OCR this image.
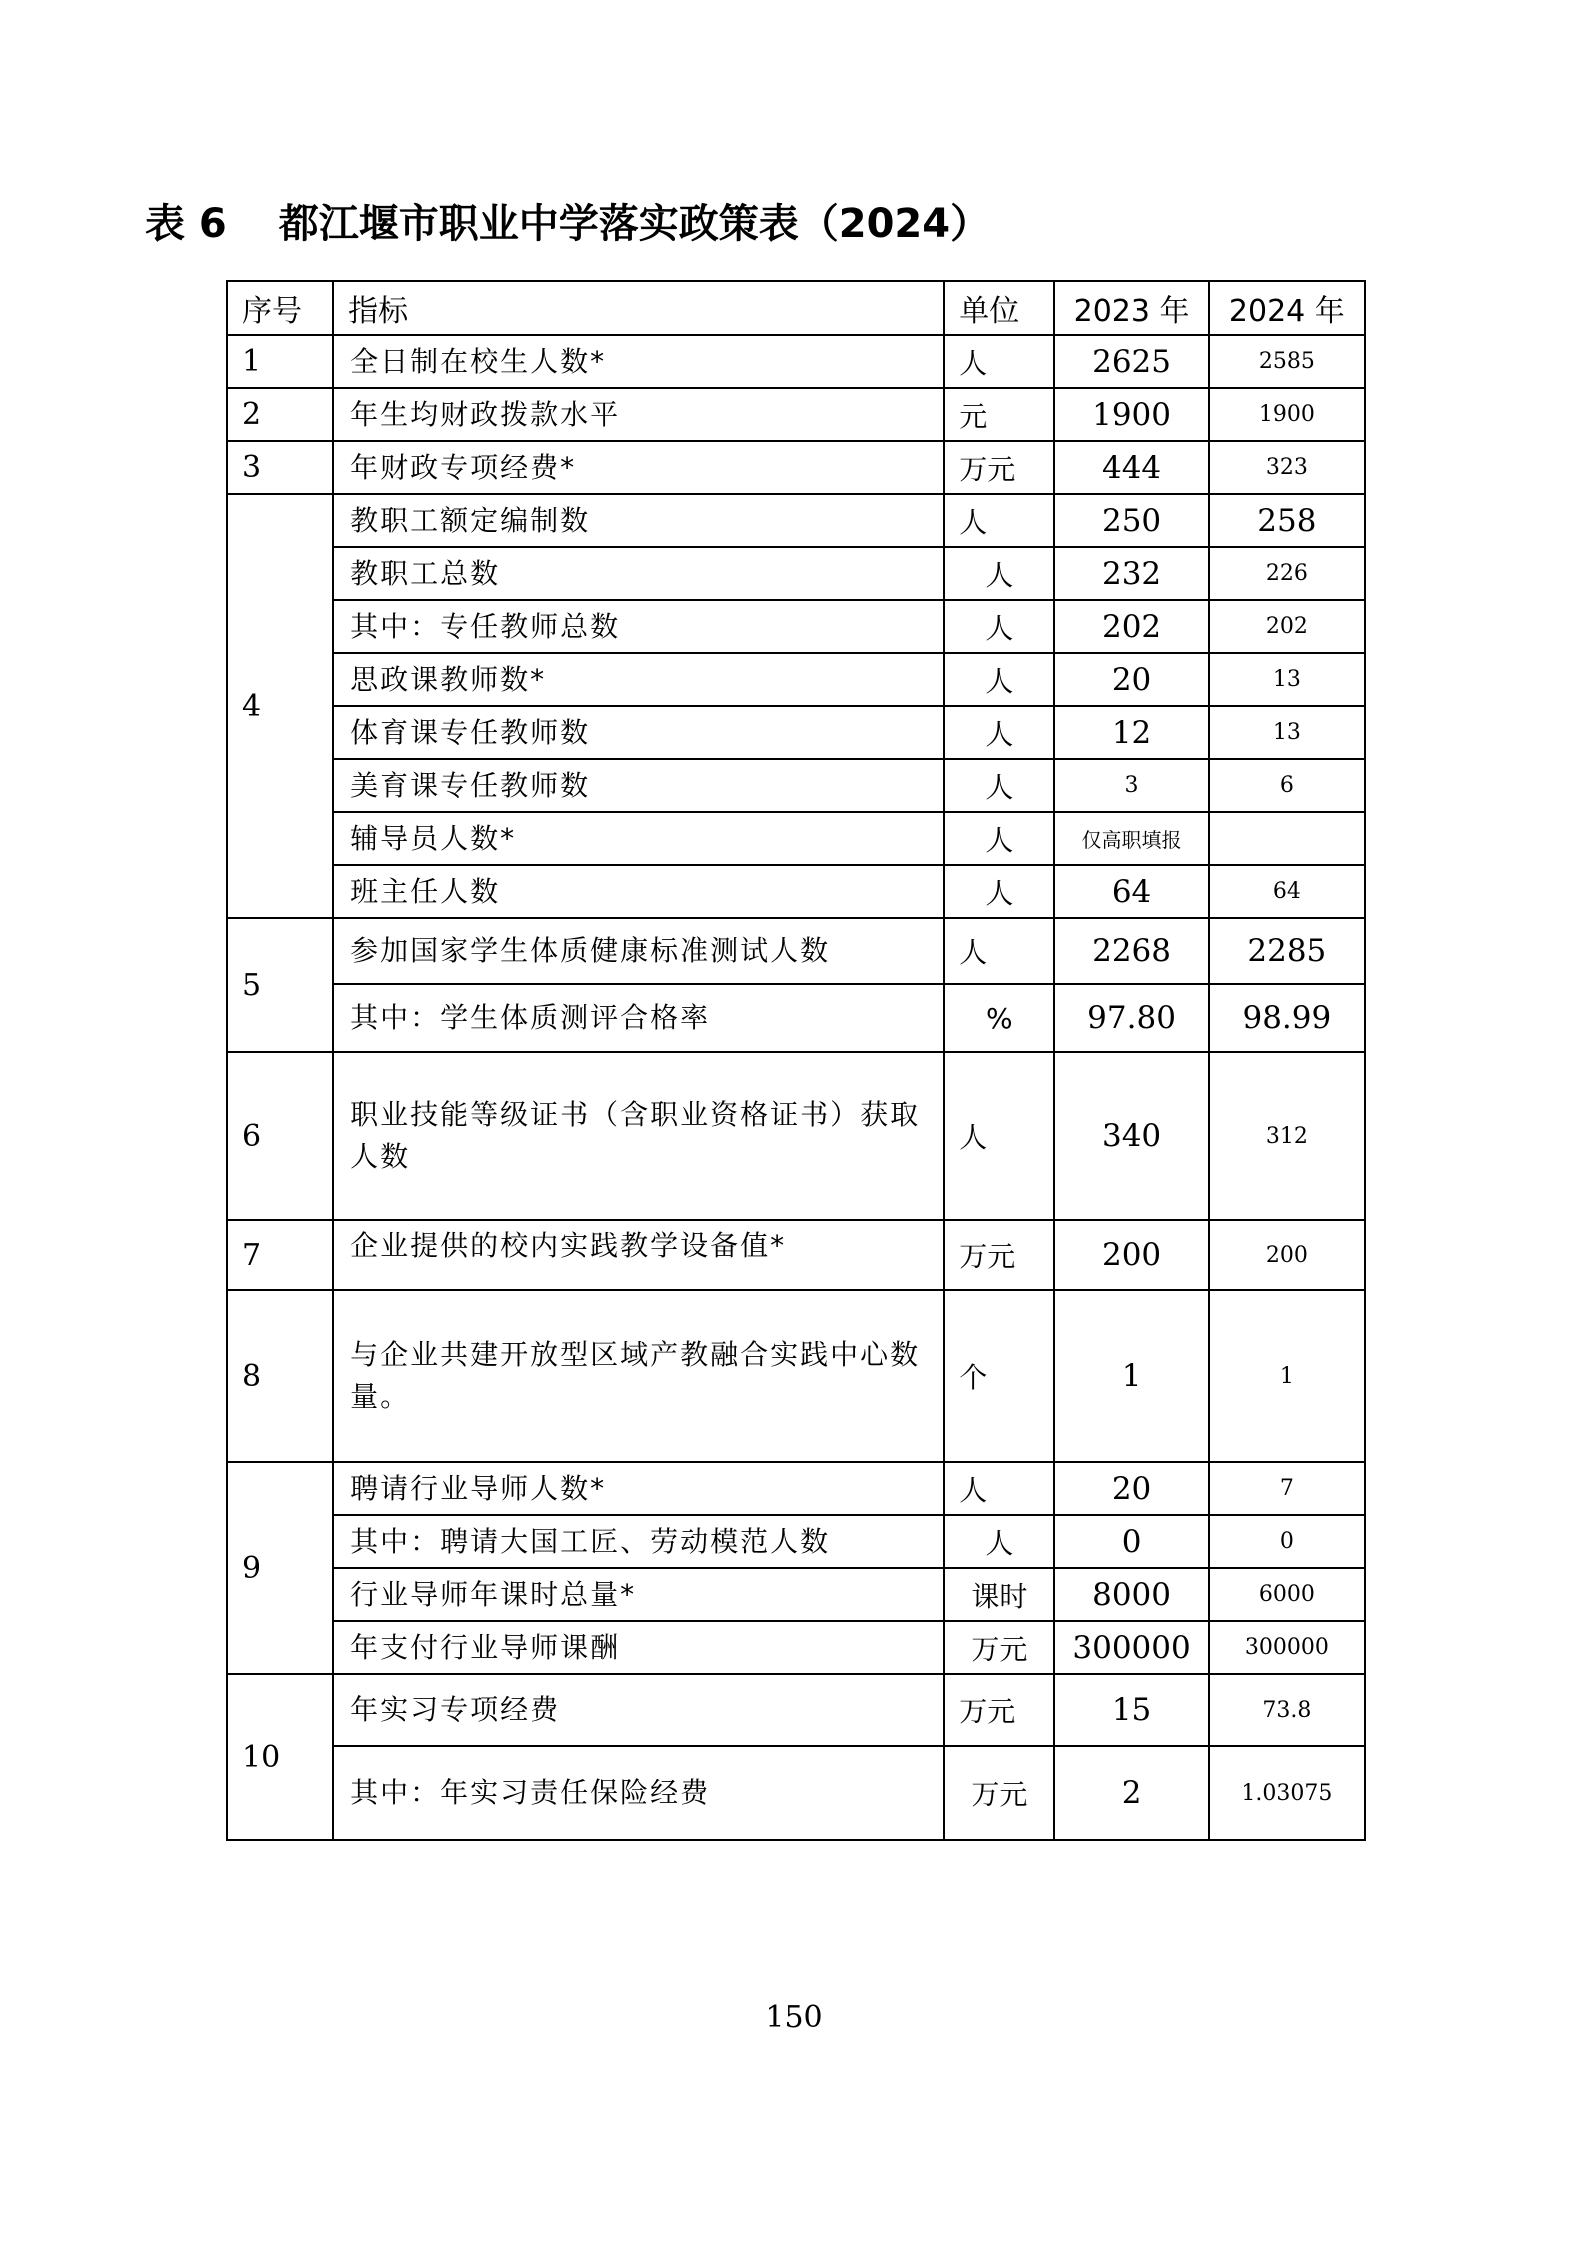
表 6 都江堰市职业中学落实政策表（2024）
序号	指标	单位	2023 年	2024 年
1	全日制在校生人数*	人	2625	2585
2	年生均财政拨款水平	元	1900	1900
3	年财政专项经费*	万元	444	323
4	教职工额定编制数	人	250	258
	教职工总数	人	232	226
	其中：专任教师总数	人	202	202
	思政课教师数*	人	20	13
	体育课专任教师数	人	12	13
	美育课专任教师数	人	3	6
	辅导员人数*	人	仅高职填报	
	班主任人数	人	64	64
5	参加国家学生体质健康标准测试人数	人	2268	2285
	其中：学生体质测评合格率	%	97.80	98.99
6	职业技能等级证书（含职业资格证书）获取人数	人	340	312
7	企业提供的校内实践教学设备值*	万元	200	200
8	与企业共建开放型区域产教融合实践中心数量。	个	1	1
9	聘请行业导师人数*	人	20	7
	其中：聘请大国工匠、劳动模范人数	人	0	0
	行业导师年课时总量*	课时	8000	6000
	年支付行业导师课酬	万元	300000	300000
10	年实习专项经费	万元	15	73.8
	其中：年实习责任保险经费	万元	2	1.03075
150
